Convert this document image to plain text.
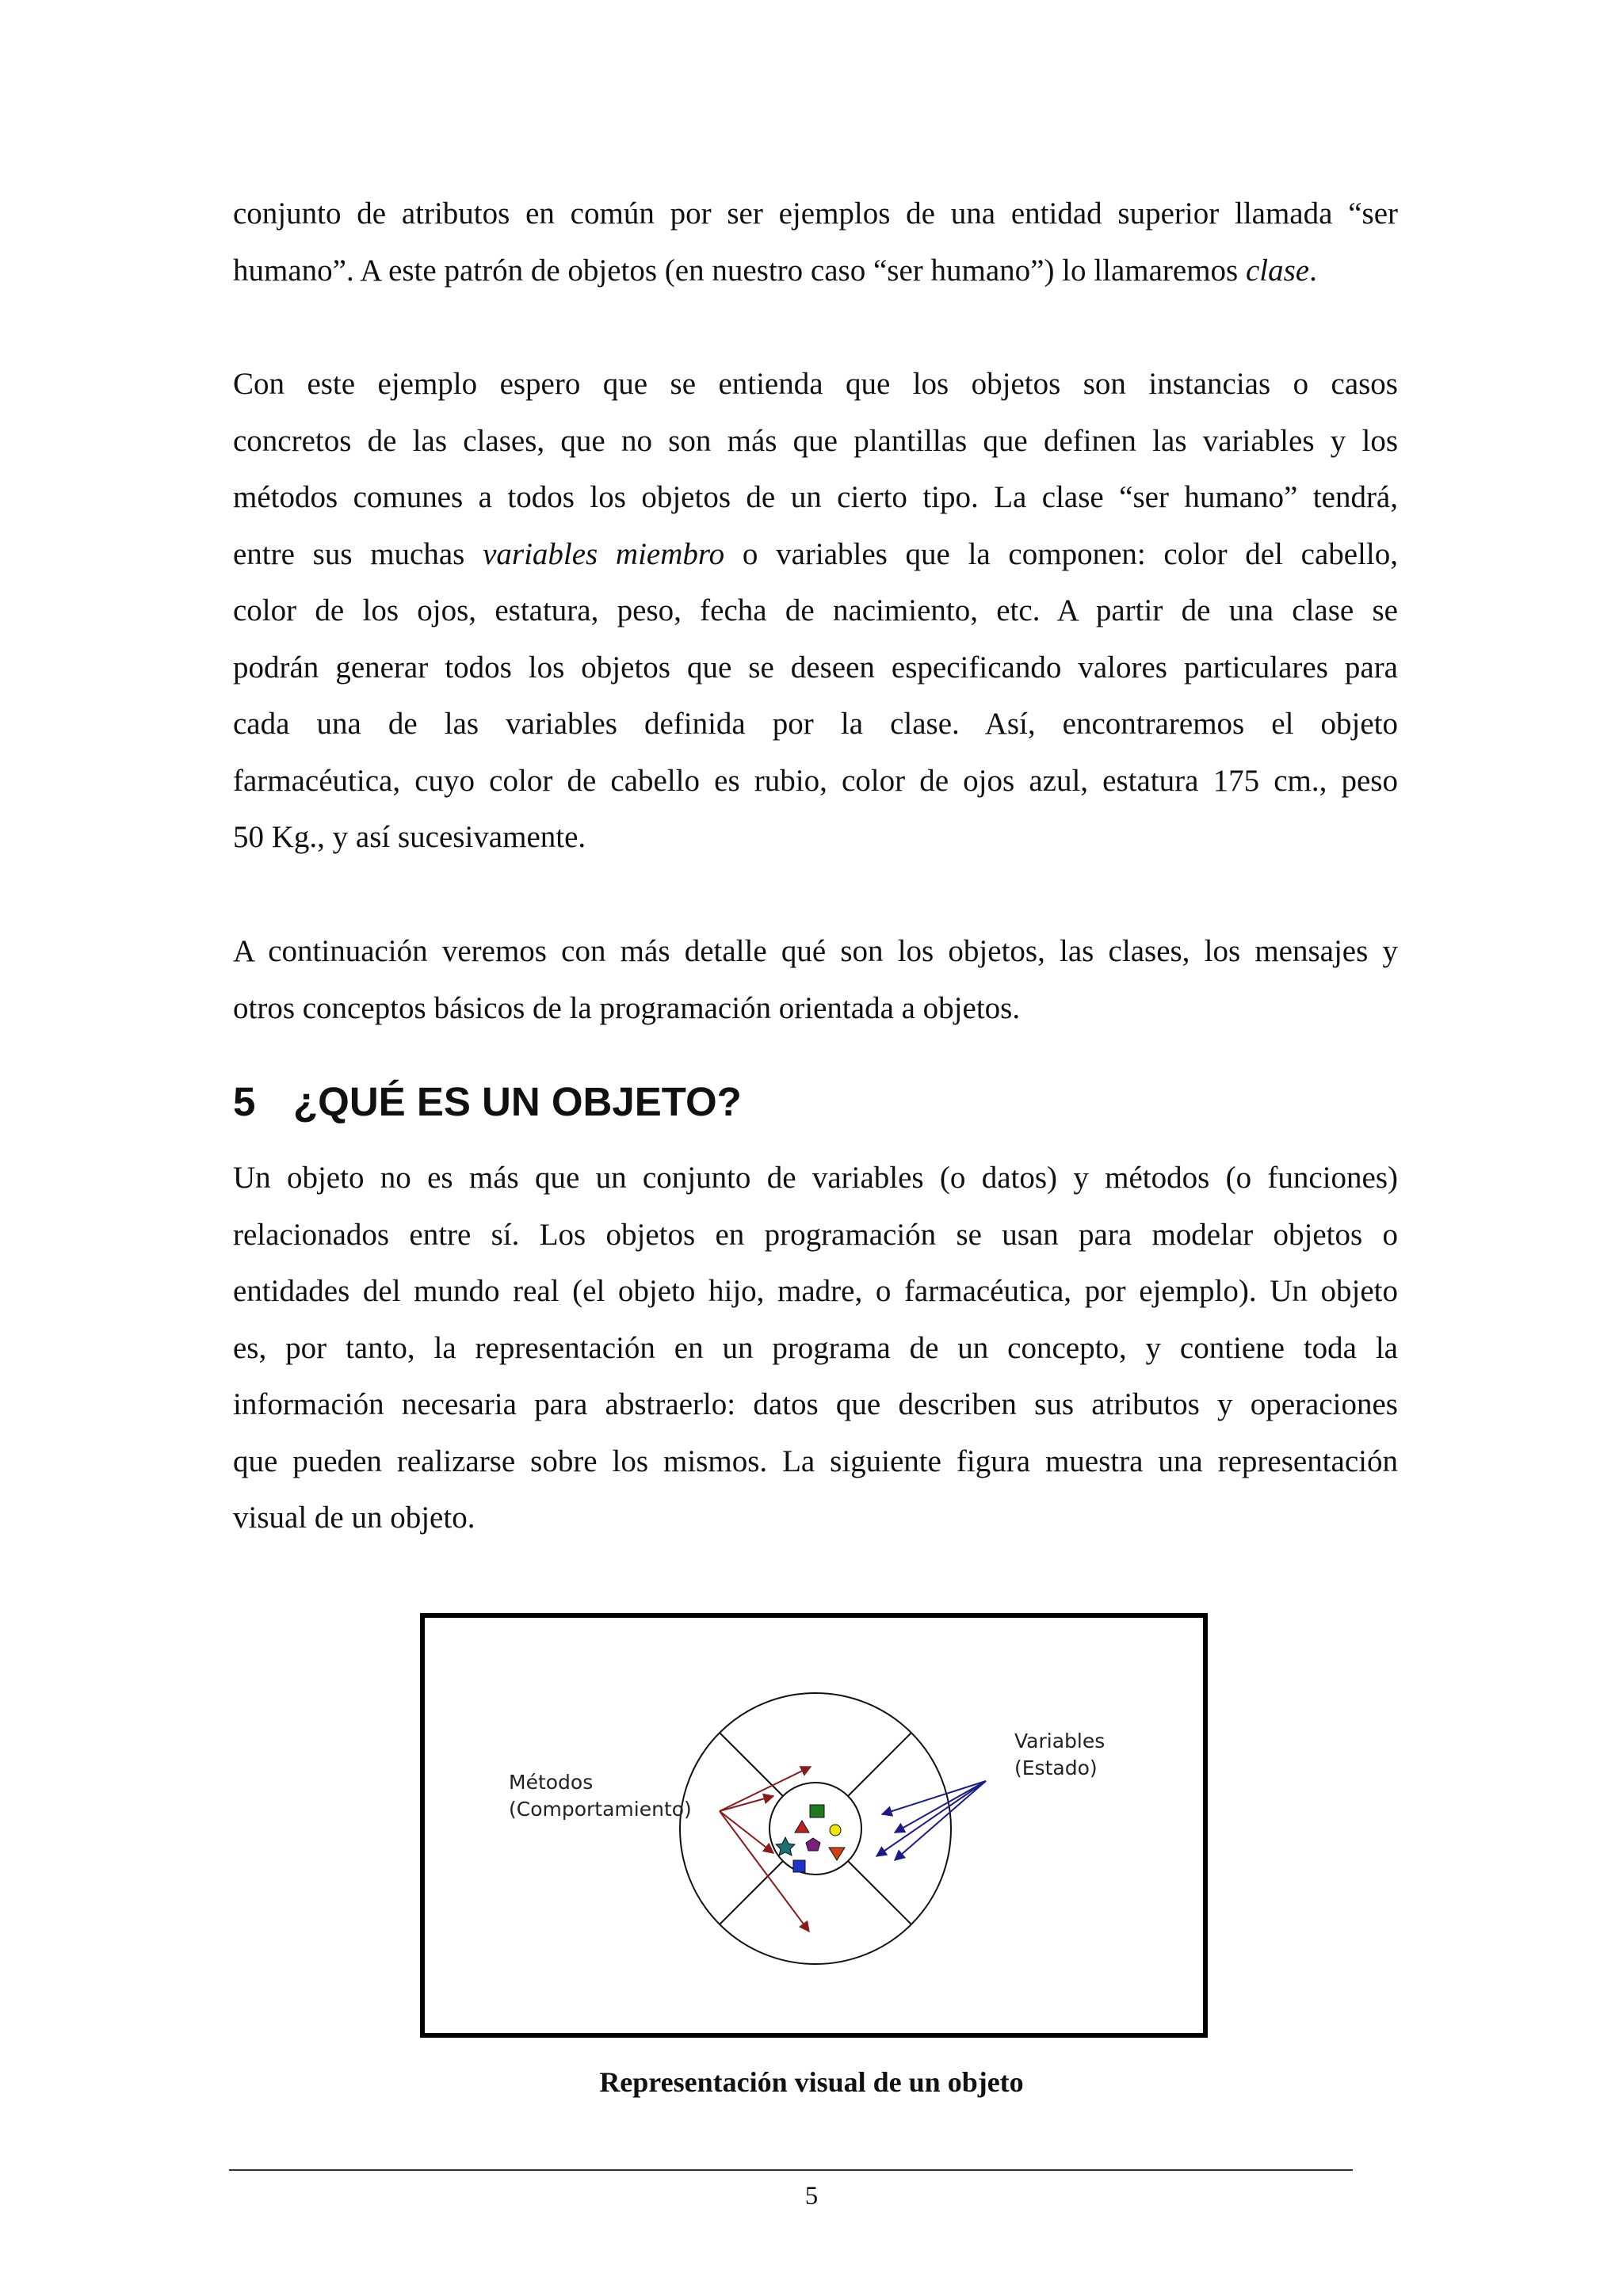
conjunto de atributos en común por ser ejemplos de una entidad superior llamada “ser
humano”. A este patrón de objetos (en nuestro caso “ser humano”) lo llamaremos clase.
Con este ejemplo espero que se entienda que los objetos son instancias o casos
concretos de las clases, que no son más que plantillas que definen las variables y los
métodos comunes a todos los objetos de un cierto tipo. La clase “ser humano” tendrá,
entre sus muchas variables miembro o variables que la componen: color del cabello,
color de los ojos, estatura, peso, fecha de nacimiento, etc. A partir de una clase se
podrán generar todos los objetos que se deseen especificando valores particulares para
cada una de las variables definida por la clase. Así, encontraremos el objeto
farmacéutica, cuyo color de cabello es rubio, color de ojos azul, estatura 175 cm., peso
50 Kg., y así sucesivamente.
A continuación veremos con más detalle qué son los objetos, las clases, los mensajes y
otros conceptos básicos de la programación orientada a objetos.
5 ¿QUÉ ES UN OBJETO?
Un objeto no es más que un conjunto de variables (o datos) y métodos (o funciones)
relacionados entre sí. Los objetos en programación se usan para modelar objetos o
entidades del mundo real (el objeto hijo, madre, o farmacéutica, por ejemplo). Un objeto
es, por tanto, la representación en un programa de un concepto, y contiene toda la
información necesaria para abstraerlo: datos que describen sus atributos y operaciones
que pueden realizarse sobre los mismos. La siguiente figura muestra una representación
visual de un objeto.
Métodos
(Comportamiento)
Variables
(Estado)
Representación visual de un objeto
5
